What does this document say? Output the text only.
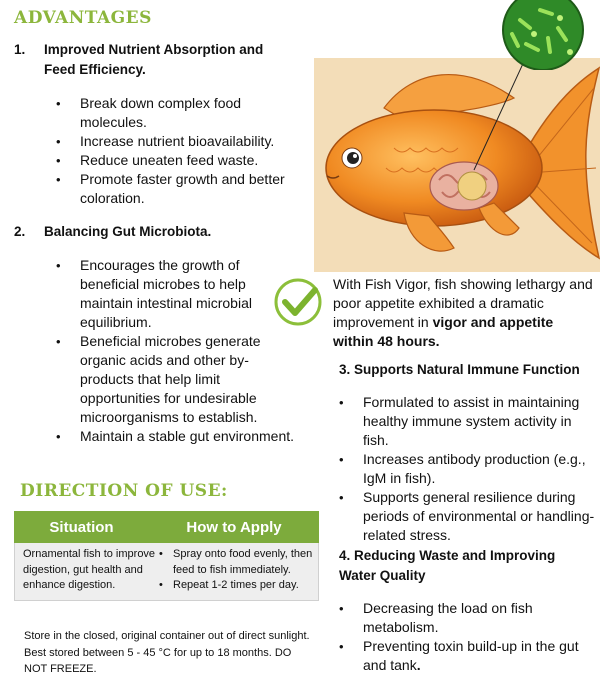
ADVANTAGES
1. Improved Nutrient Absorption and
Feed Efficiency.
• Break down complex food molecules.
• Increase nutrient bioavailability.
• Reduce uneaten feed waste.
• Promote faster growth and better coloration.
2. Balancing Gut Microbiota.
• Encourages the growth of beneficial microbes to help maintain intestinal microbial equilibrium.
• Beneficial microbes generate organic acids and other by-products that help limit opportunities for undesirable microorganisms to establish.
• Maintain a stable gut environment.
DIRECTION OF USE:
Situation	How to Apply
Ornamental fish to improve digestion, gut health and enhance digestion.
• Spray onto food evenly, then feed to fish immediately.
• Repeat 1-2 times per day.
Store in the closed, original container out of direct sunlight. Best stored between 5 - 45 °C for up to 18 months. DO NOT FREEZE.
With Fish Vigor, fish showing lethargy and poor appetite exhibited a dramatic improvement in vigor and appetite
within 48 hours.
3. Supports Natural Immune Function
• Formulated to assist in maintaining healthy immune system activity in fish.
• Increases antibody production (e.g., IgM in fish).
• Supports general resilience during periods of environmental or handling-related stress.
4. Reducing Waste and Improving
Water Quality
• Decreasing the load on fish metabolism.
• Preventing toxin build-up in the gut and tank.
